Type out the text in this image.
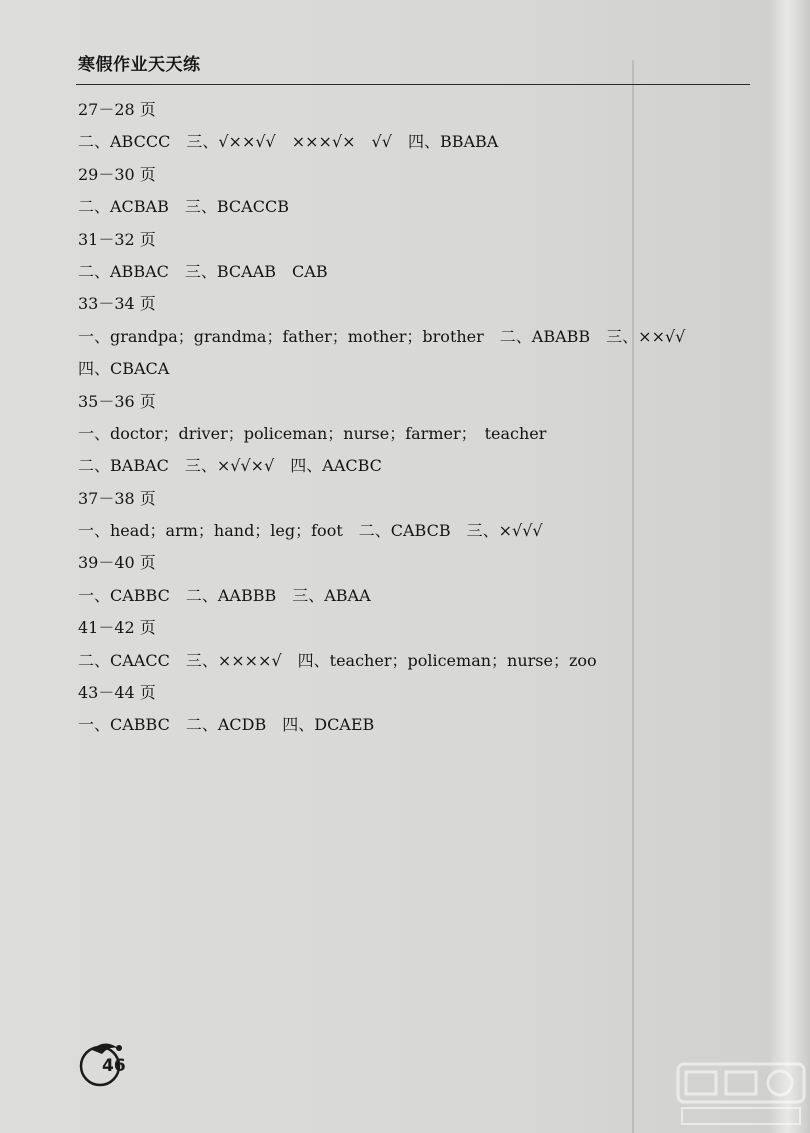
寒假作业天天练
27－28 页
二、ABCCC　三、√××√√　×××√×　√√　四、BBABA
29－30 页
二、ACBAB　三、BCACCB
31－32 页
二、ABBAC　三、BCAAB　CAB
33－34 页
一、grandpa；grandma；father；mother；brother　二、ABABB　三、××√√
四、CBACA
35－36 页
一、doctor；driver；policeman；nurse；farmer；　teacher
二、BABAC　三、×√√×√　四、AACBC
37－38 页
一、head；arm；hand；leg；foot　二、CABCB　三、×√√√
39－40 页
一、CABBC　二、AABBB　三、ABAA
41－42 页
二、CAACC　三、××××√　四、teacher；policeman；nurse；zoo
43－44 页
一、CABBC　二、ACDB　四、DCAEB
46
